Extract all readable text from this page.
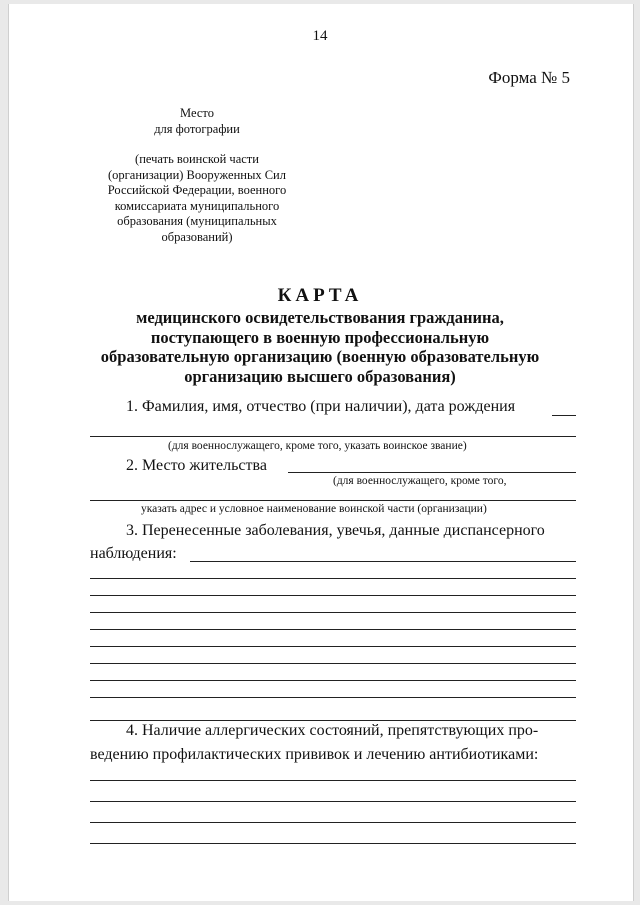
14
Форма № 5
Место
для фотографии
(печать воинской части
(организации) Вооруженных Сил
Российской Федерации, военного
комиссариата муниципального
образования (муниципальных
образований)
КАРТА
медицинского освидетельствования гражданина,
поступающего в военную профессиональную
образовательную организацию (военную образовательную
организацию высшего образования)
1. Фамилия, имя, отчество (при наличии), дата рождения
(для военнослужащего, кроме того, указать воинское звание)
2. Место жительства
(для военнослужащего, кроме того,
указать адрес и условное наименование воинской части (организации)
3. Перенесенные заболевания, увечья, данные диспансерного
наблюдения:
4. Наличие аллергических состояний, препятствующих про-
ведению профилактических прививок и лечению антибиотиками:
